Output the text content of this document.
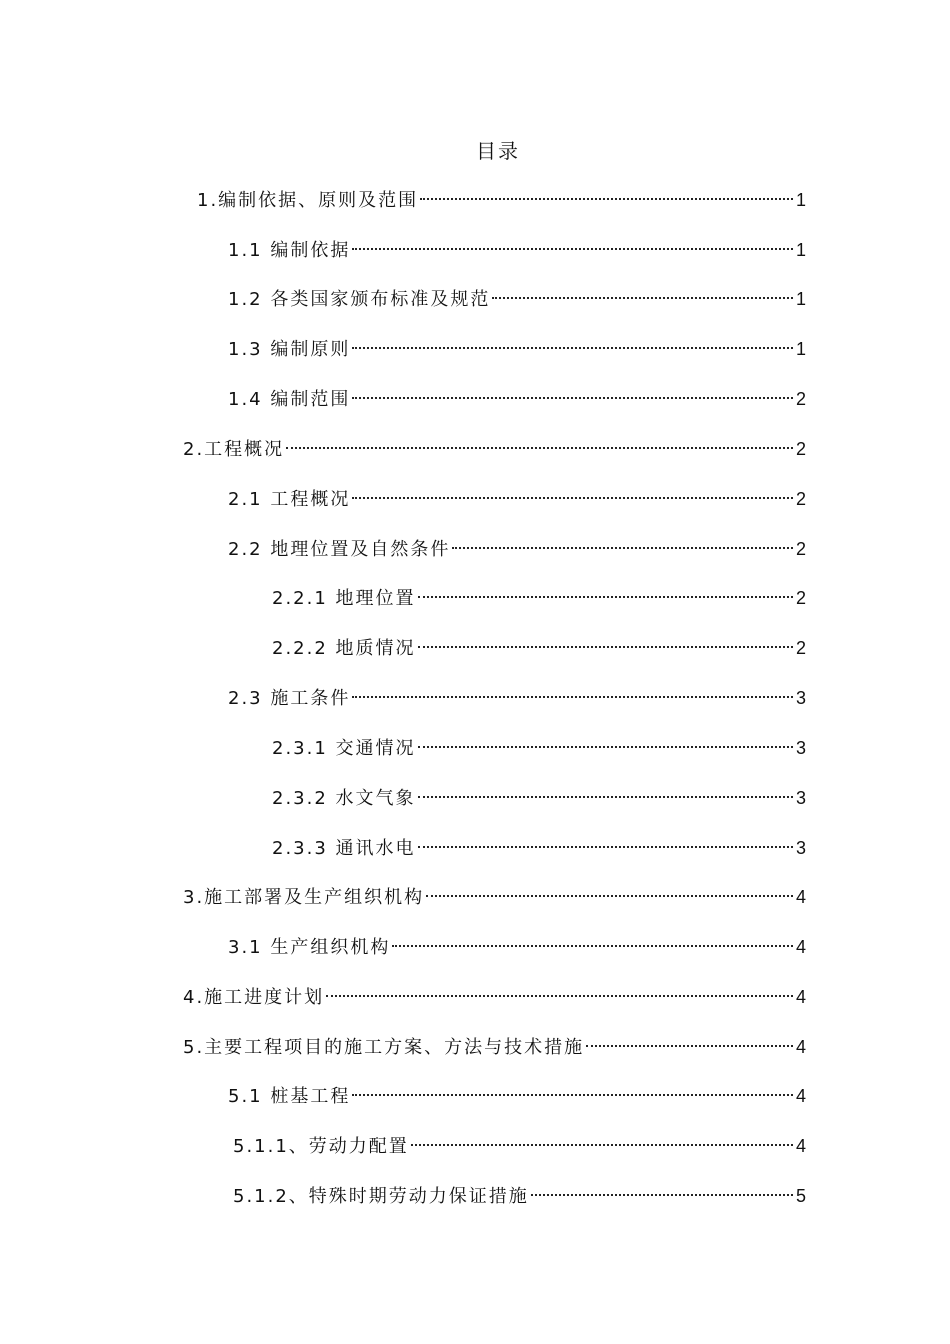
目录
1.编制依据、原则及范围	1
1.1 编制依据	1
1.2 各类国家颁布标准及规范	1
1.3 编制原则	1
1.4 编制范围	2
2.工程概况	2
2.1 工程概况	2
2.2 地理位置及自然条件	2
2.2.1 地理位置	2
2.2.2 地质情况	2
2.3 施工条件	3
2.3.1 交通情况	3
2.3.2 水文气象	3
2.3.3 通讯水电	3
3.施工部署及生产组织机构	4
3.1 生产组织机构	4
4.施工进度计划	4
5.主要工程项目的施工方案、方法与技术措施	4
5.1 桩基工程	4
5.1.1、劳动力配置	4
5.1.2、特殊时期劳动力保证措施	5
